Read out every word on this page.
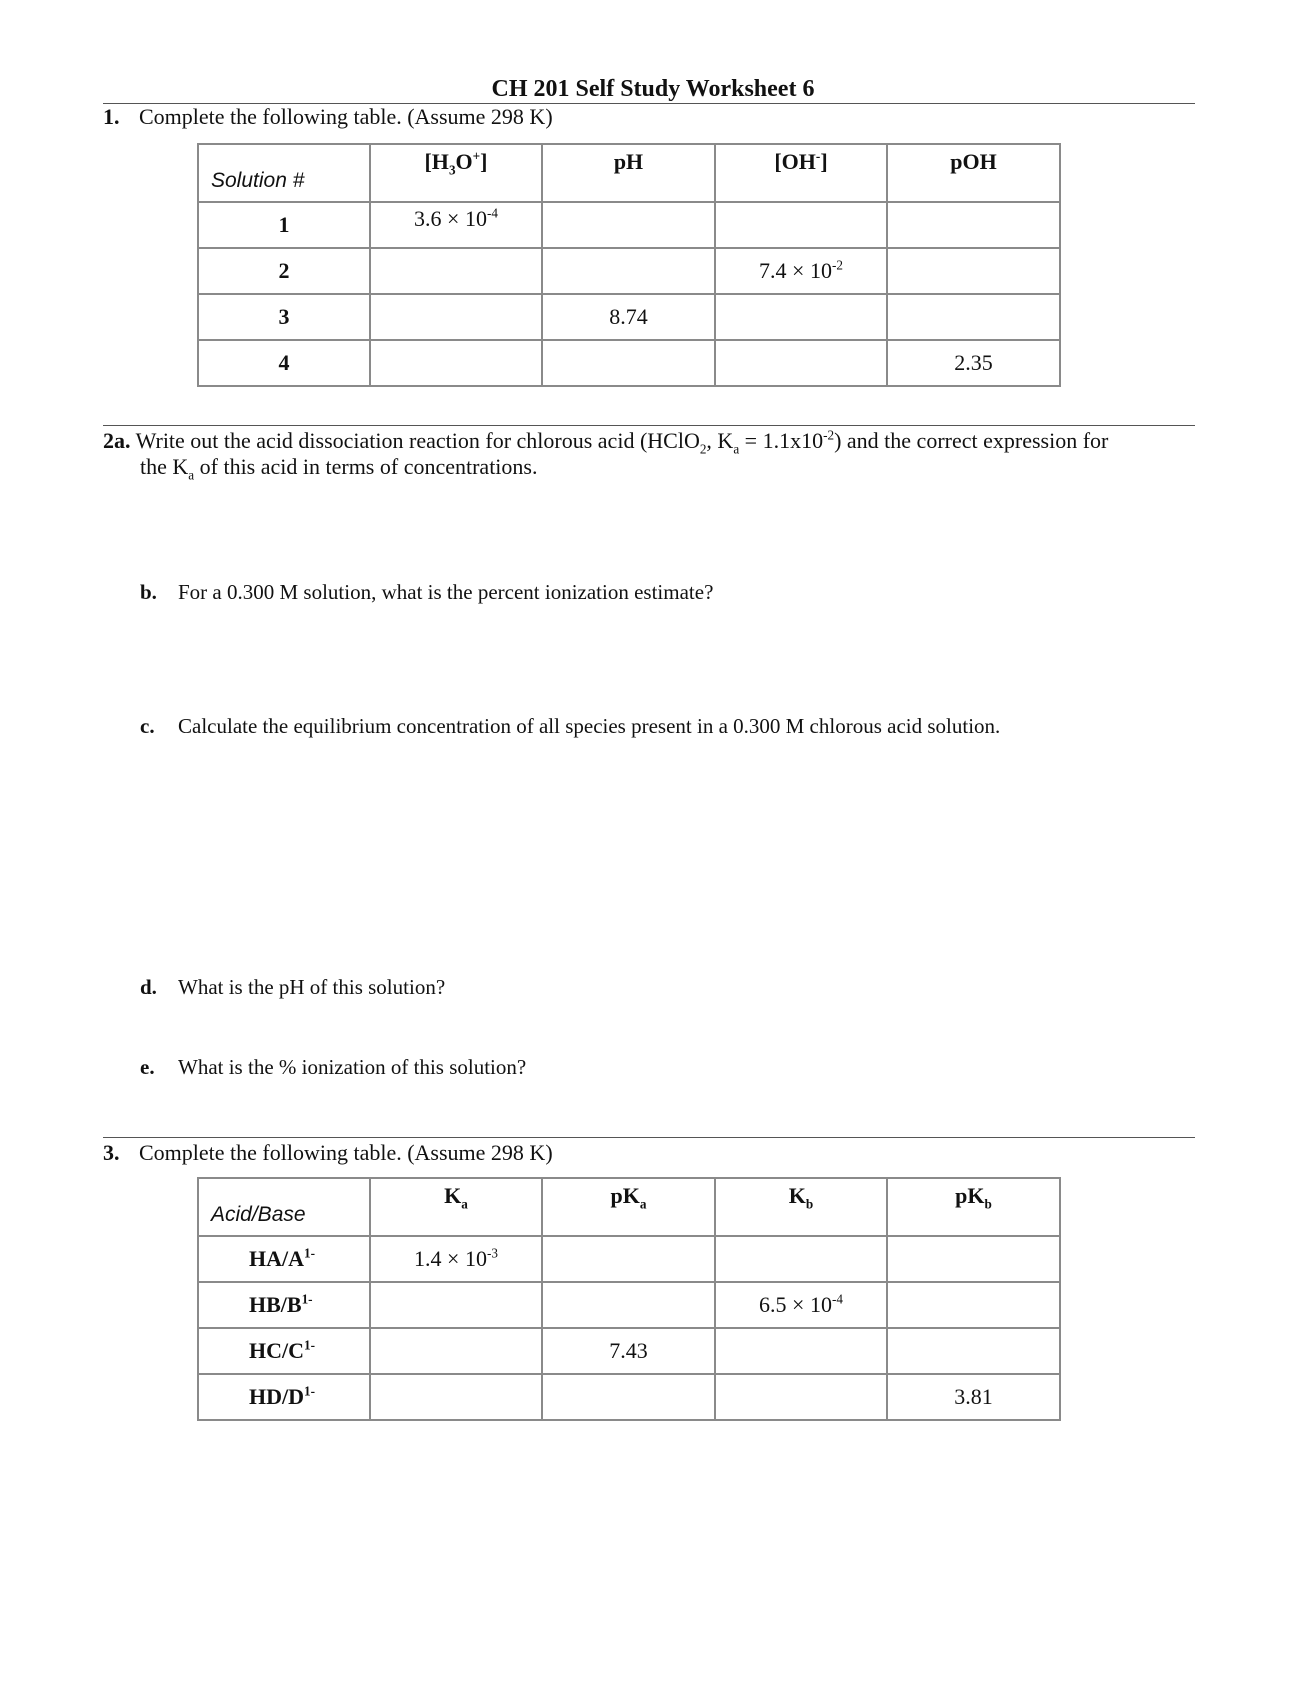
CH 201 Self Study Worksheet 6
1. Complete the following table. (Assume 298 K)
Solution #	$[H_3O^+]$	pH	[OH-]	pOH
1	$3.6 \times 10^{-4}$			
2			$7.4 \times 10^{-2}$	
3		8.74		
4				2.35
2a. Write out the acid dissociation reaction for chlorous acid (HClO$_2$, $K_a = 1.1x10^{-2}$) and the correct expression for
the $K_a$ of this acid in terms of concentrations.
b. For a 0.300 M solution, what is the percent ionization estimate?
c. Calculate the equilibrium concentration of all species present in a 0.300 M chlorous acid solution.
d. What is the pH of this solution?
e. What is the % ionization of this solution?
3. Complete the following table. (Assume 298 K)
Acid/Base	$K_a$	$pK_a$	$K_b$	$pK_b$
$HA/A^{1-}$	$1.4 \times 10^{-3}$			
$HB/B^{1-}$			$6.5 \times 10^{-4}$	
$HC/C^{1-}$		7.43		
$HD/D^{1-}$				3.81
